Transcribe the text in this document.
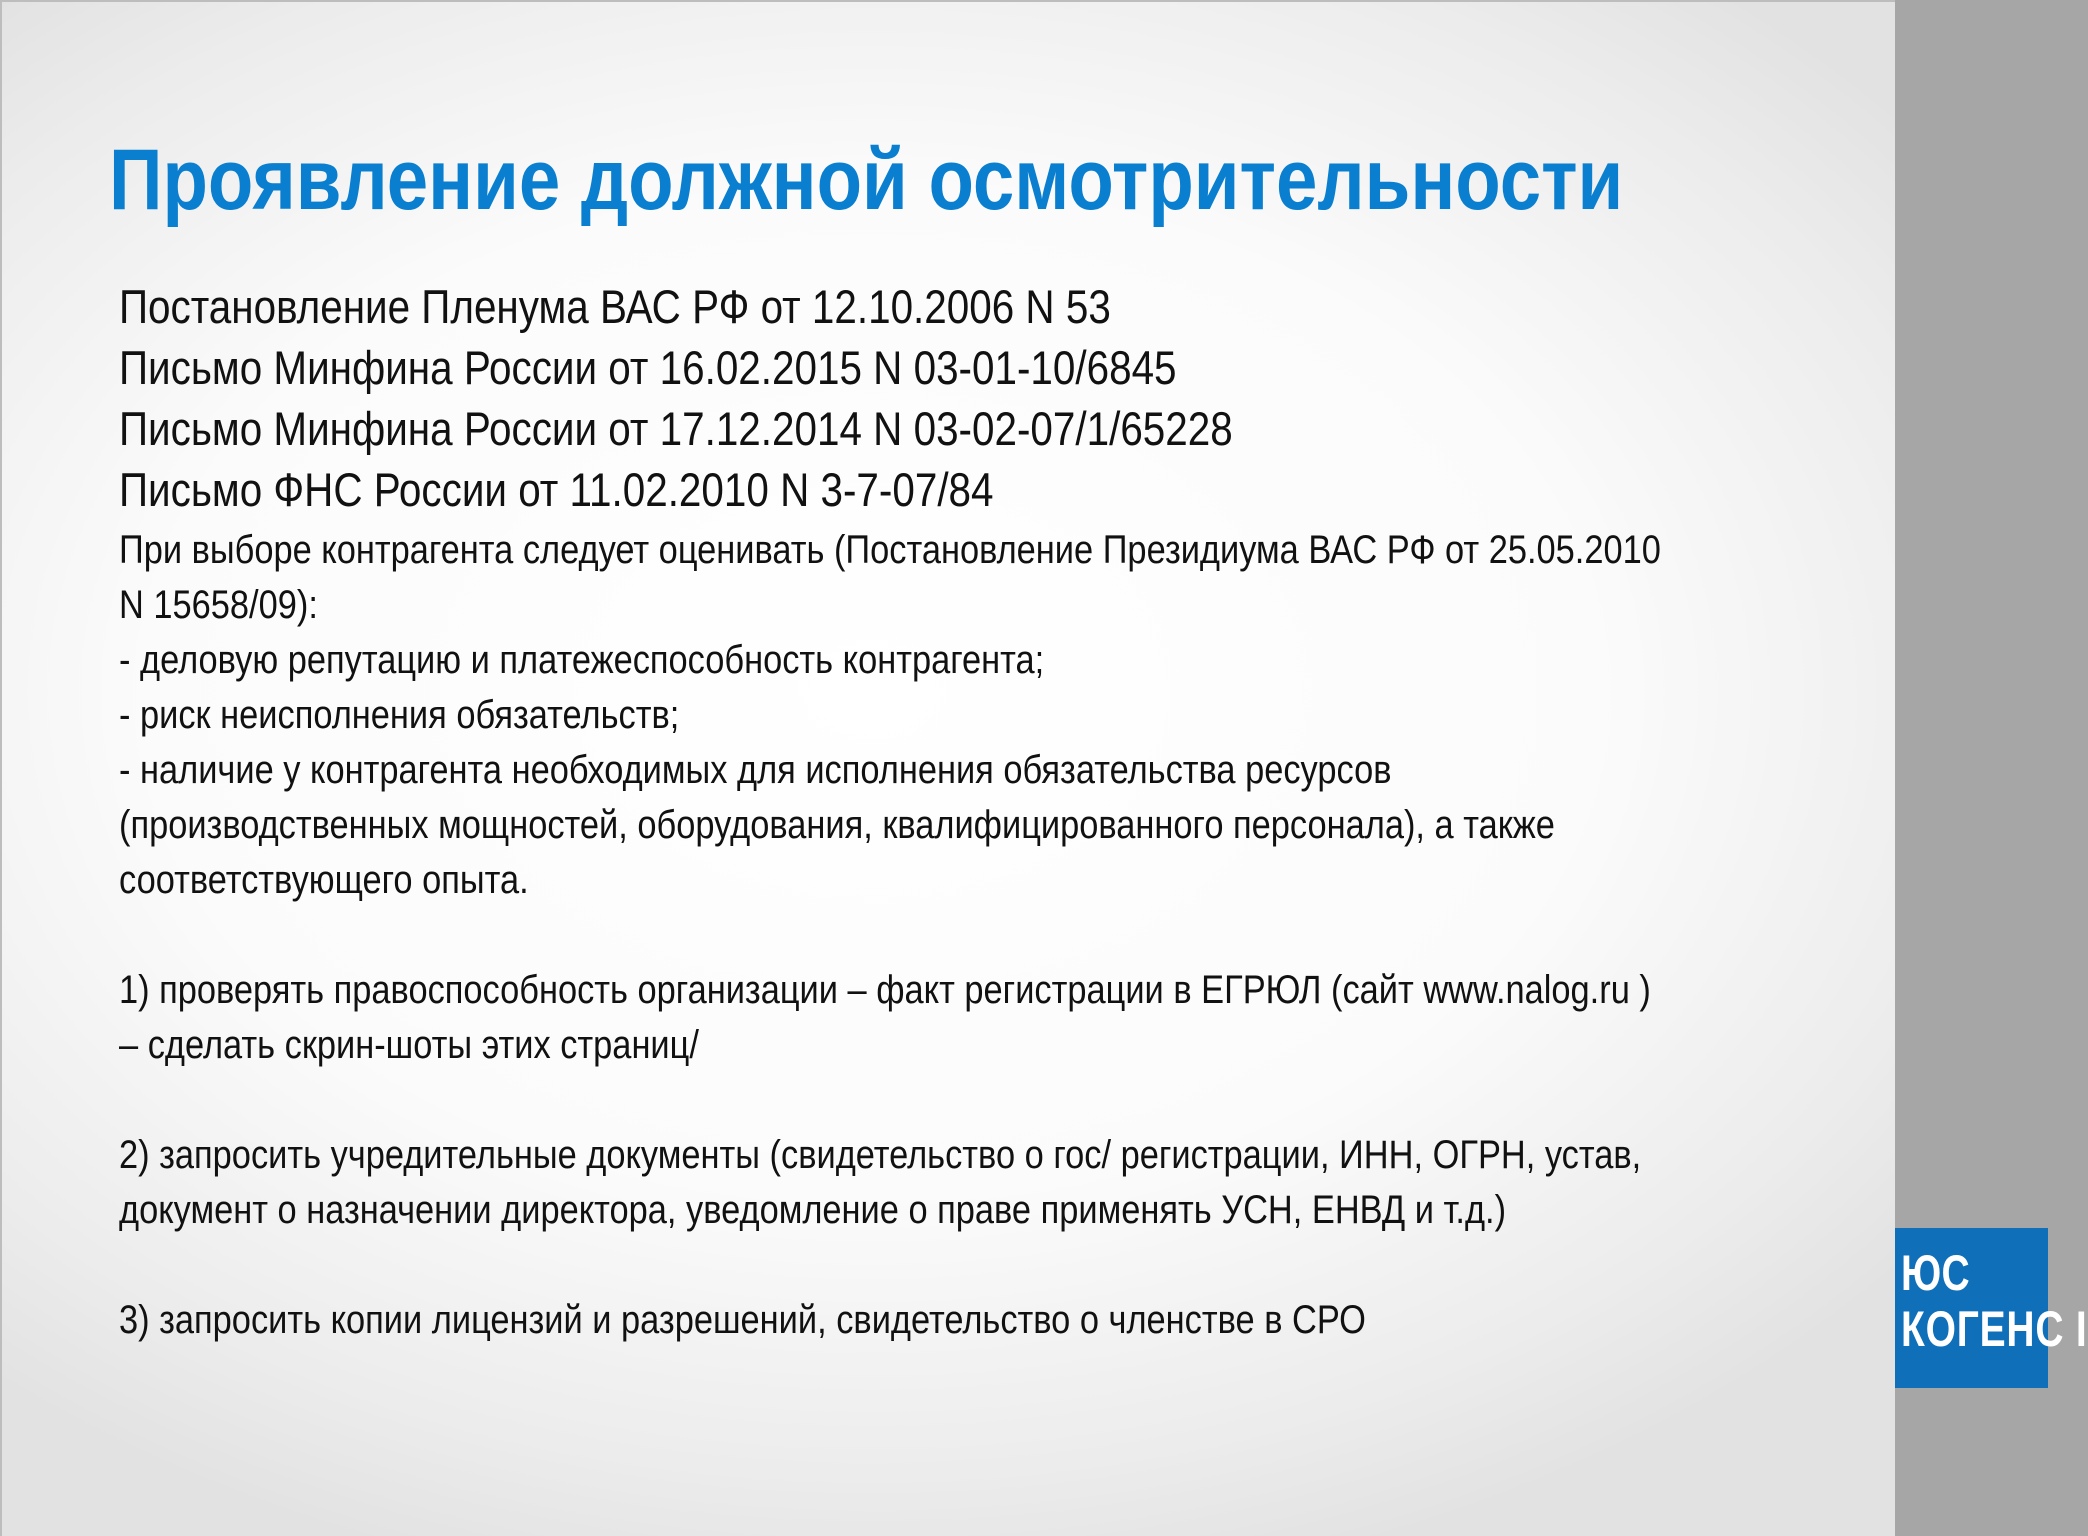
Проявление должной осмотрительности
Постановление Пленума ВАС РФ от 12.10.2006 N 53
Письмо Минфина России от 16.02.2015 N 03-01-10/6845
Письмо Минфина России от 17.12.2014 N 03-02-07/1/65228
Письмо ФНС России от 11.02.2010 N 3-7-07/84

При выборе контрагента следует оценивать (Постановление Президиума ВАС РФ от 25.05.2010

N 15658/09):

- деловую репутацию и платежеспособность контрагента;

- риск неисполнения обязательств;

- наличие у контрагента необходимых для исполнения обязательства ресурсов

(производственных мощностей, оборудования, квалифицированного персонала), а также

соответствующего опыта.

1) проверять правоспособность организации – факт регистрации в ЕГРЮЛ (сайт www.nalog.ru )

– сделать скрин-шоты этих страниц/

2) запросить учредительные документы (свидетельство о гос/ регистрации, ИНН, ОГРН, устав,

документ о назначении директора, уведомление о праве применять УСН, ЕНВД и т.д.)

3) запросить копии лицензий и разрешений, свидетельство о членстве в СРО

ЮС
КОГЕНС I
